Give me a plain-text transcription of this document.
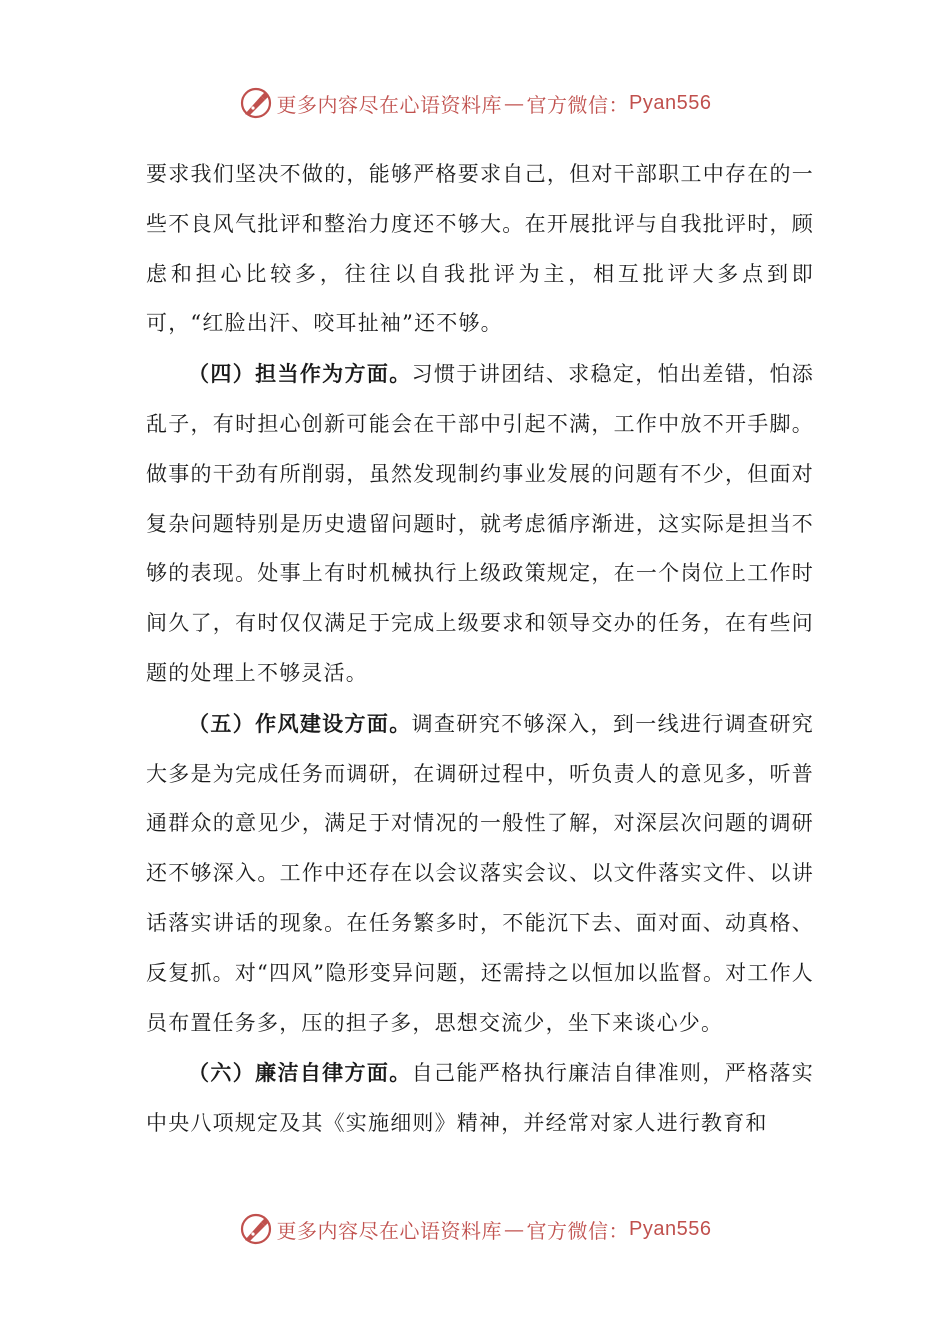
更多内容尽在心语资料库 — 官方微信： Pyan556

要求我们坚决不做的，能够严格要求自己，但对干部职工中存在的一些不良风气批评和整治力度还不够大。在开展批评与自我批评时，顾虑和担心比较多，往往以自我批评为主，相互批评大多点到即可，“红脸出汗、咬耳扯袖”还不够。

（四）担当作为方面。习惯于讲团结、求稳定，怕出差错，怕添乱子，有时担心创新可能会在干部中引起不满，工作中放不开手脚。做事的干劲有所削弱，虽然发现制约事业发展的问题有不少，但面对复杂问题特别是历史遗留问题时，就考虑循序渐进，这实际是担当不够的表现。处事上有时机械执行上级政策规定，在一个岗位上工作时间久了，有时仅仅满足于完成上级要求和领导交办的任务，在有些问题的处理上不够灵活。

（五）作风建设方面。调查研究不够深入，到一线进行调查研究大多是为完成任务而调研，在调研过程中，听负责人的意见多，听普通群众的意见少，满足于对情况的一般性了解，对深层次问题的调研还不够深入。工作中还存在以会议落实会议、以文件落实文件、以讲话落实讲话的现象。在任务繁多时，不能沉下去、面对面、动真格、反复抓。对“四风”隐形变异问题，还需持之以恒加以监督。对工作人员布置任务多，压的担子多，思想交流少，坐下来谈心少。

（六）廉洁自律方面。自己能严格执行廉洁自律准则，严格落实中央八项规定及其《实施细则》精神，并经常对家人进行教育和

更多内容尽在心语资料库 — 官方微信： Pyan556
